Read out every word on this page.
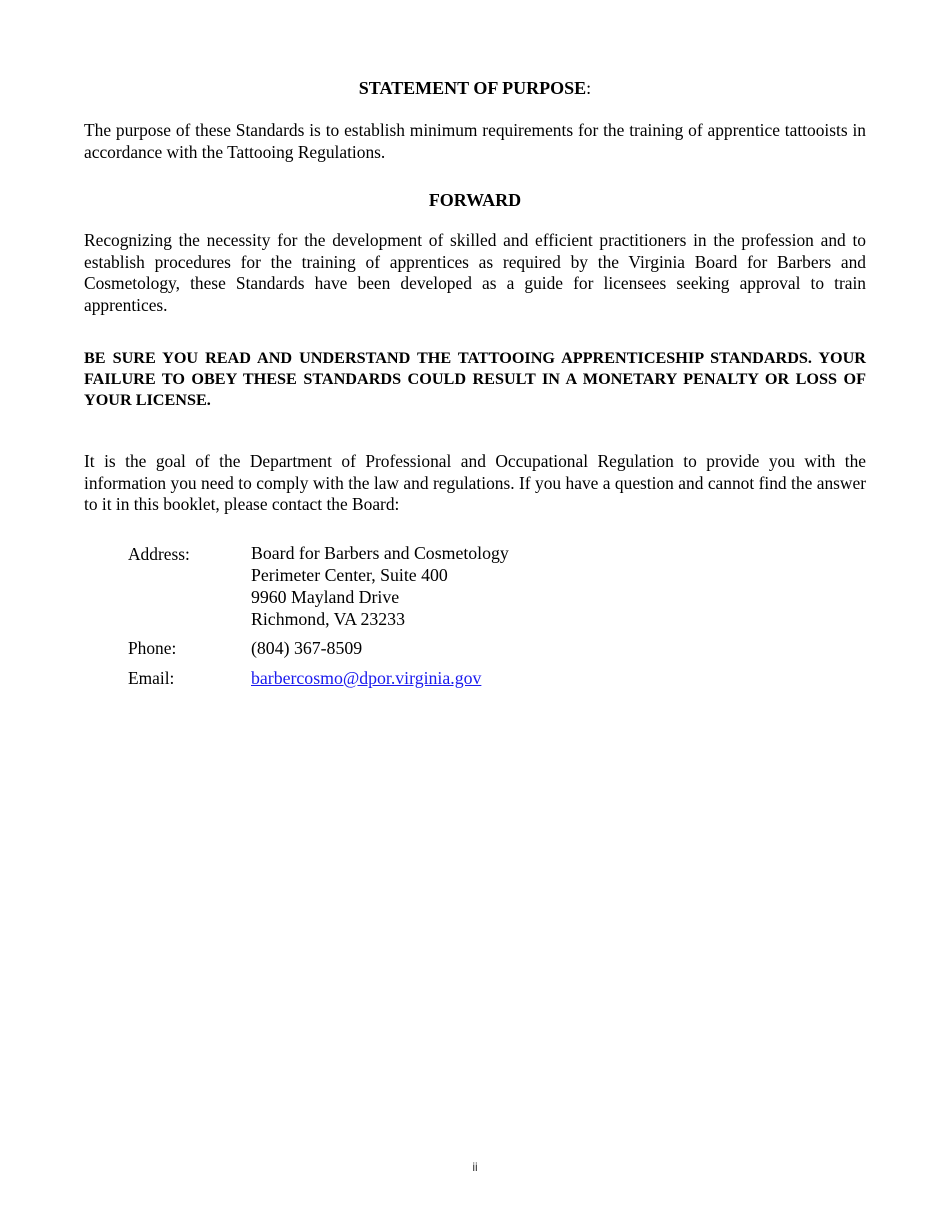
STATEMENT OF PURPOSE:

The purpose of these Standards is to establish minimum requirements for the training of apprentice tattooists in accordance with the Tattooing Regulations.

FORWARD

Recognizing the necessity for the development of skilled and efficient practitioners in the profession and to establish procedures for the training of apprentices as required by the Virginia Board for Barbers and Cosmetology, these Standards have been developed as a guide for licensees seeking approval to train apprentices.

BE SURE YOU READ AND UNDERSTAND THE TATTOOING APPRENTICESHIP STANDARDS. YOUR FAILURE TO OBEY THESE STANDARDS COULD RESULT IN A MONETARY PENALTY OR LOSS OF YOUR LICENSE.

It is the goal of the Department of Professional and Occupational Regulation to provide you with the information you need to comply with the law and regulations. If you have a question and cannot find the answer to it in this booklet, please contact the Board:

Address:	Board for Barbers and Cosmetology
Perimeter Center, Suite 400
9960 Mayland Drive
Richmond, VA 23233
Phone:	(804) 367-8509
Email:	barbercosmo@dpor.virginia.gov
ii
